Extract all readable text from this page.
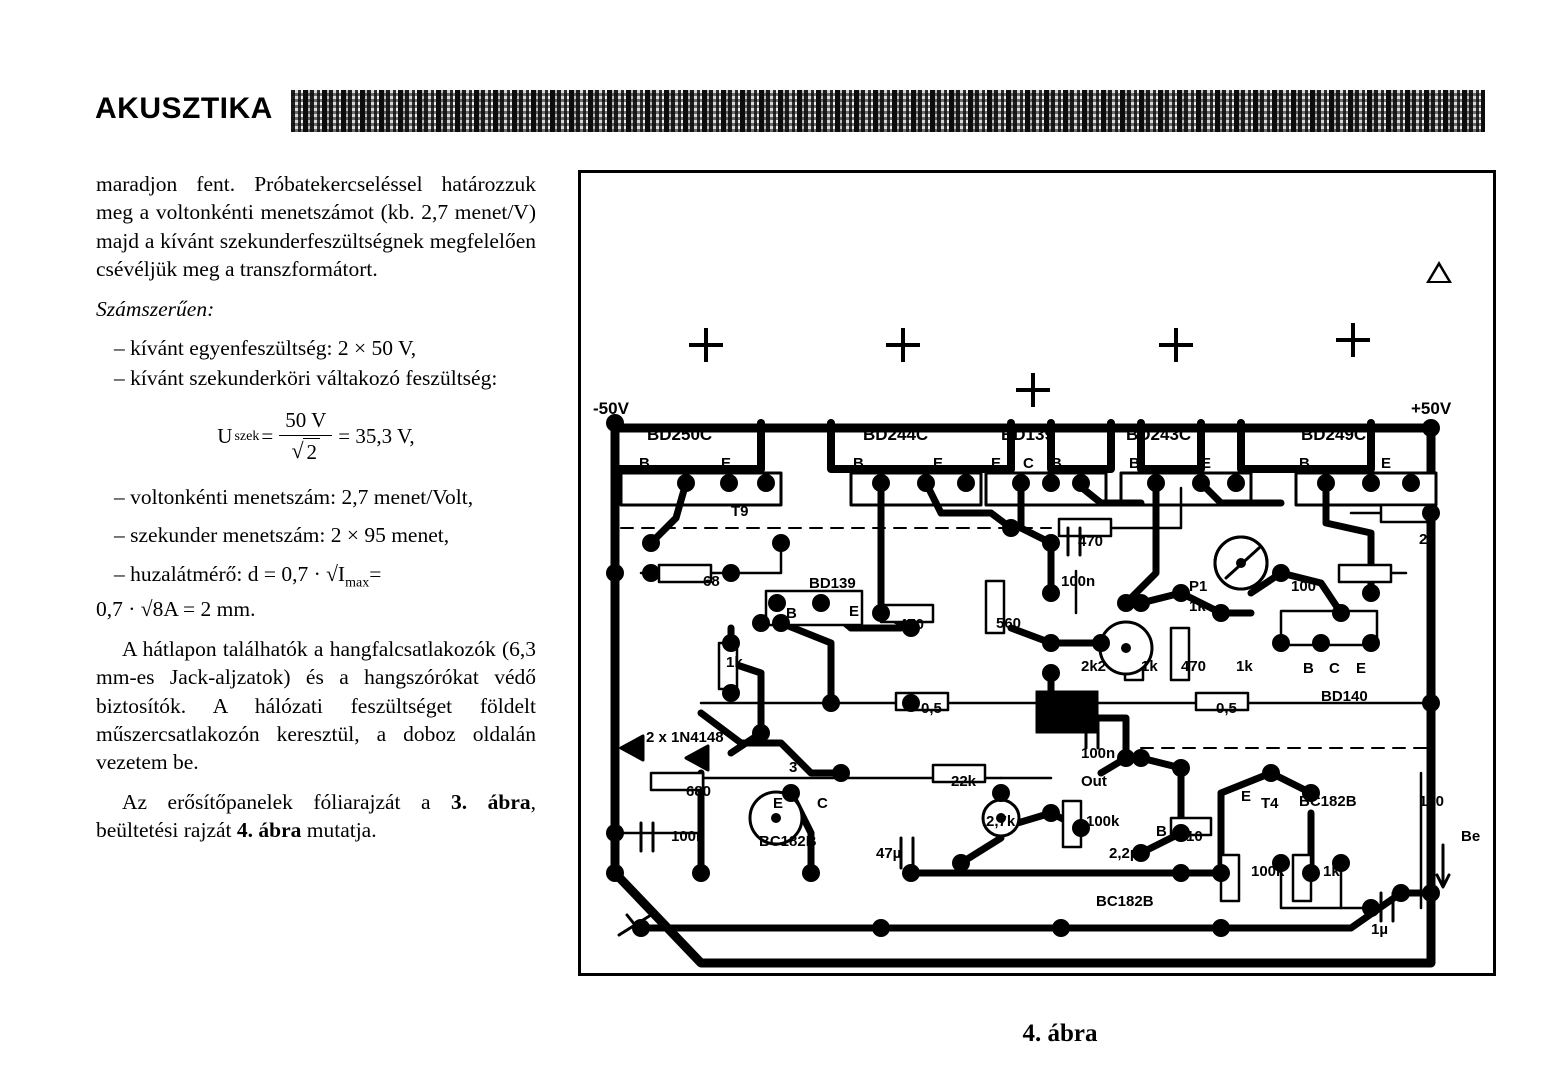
AKUSZTIKA

maradjon fent. Próbatekercseléssel határozzuk meg a voltonkénti menetszámot (kb. 2,7 menet/V) majd a kívánt szekunderfeszültségnek megfelelően csévéljük meg a transzformátort.

Számszerűen:

– kívánt egyenfeszültség: 2 × 50 V,

– kívánt szekunderköri váltakozó feszültség:

U szek = 50 V
√ 2 = 35,3 V,

– voltonkénti menetszám: 2,7 menet/Volt,

– szekunder menetszám: 2 × 95 menet,

– huzalátmérő: $d = 0,7 \cdot √I_{max}=$

0,7 · √8A = 2 mm.

A hátlapon találhatók a hangfalcsatlakozók (6,3 mm-es Jack-aljzatok) és a hangszórókat védő biztosítók. A hálózati feszültséget földelt műszercsatlakozón keresztül, a doboz oldalán vezetem be.

Az erősítőpanelek fóliarajzát a 3. ábra, beültetési rajzát 4. ábra mutatja.

-50V	+50V
BD250C	BD244C	BD139	BD243C	BD249C
B	E	B	E	E C B	B	E	B	E
T9
68	BD139
B	E
1k
470	560
100n
470
P1
1k
100
22
1k 470 1k	B C E
BD140
470
2k2
0,5	0,5
2 x 1N4148
680
3
E C
22k
100n
Out
100k
B 10
2,7k
47µ	2,2µ
BC182B
BC182B
BC182B
E T4
100k	1k
100
1µ
Be
100n
4. ábra
